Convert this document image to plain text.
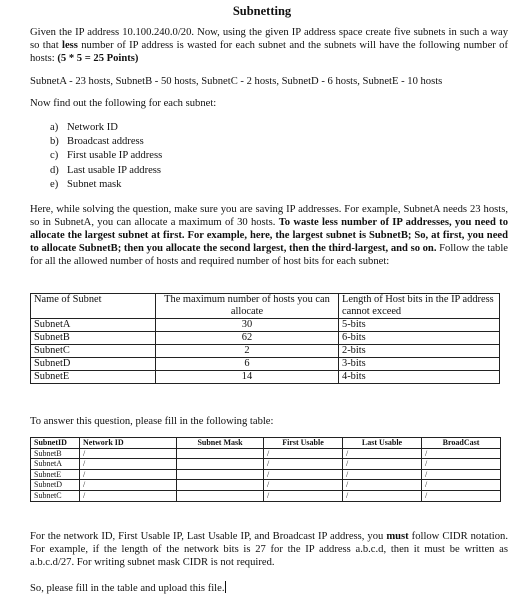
Subnetting
Given the IP address 10.100.240.0/20. Now, using the given IP address space create five subnets in such a way so that less number of IP address is wasted for each subnet and the subnets will have the following number of hosts: (5 * 5 = 25 Points)
SubnetA - 23 hosts, SubnetB - 50 hosts, SubnetC - 2 hosts, SubnetD - 6 hosts, SubnetE - 10 hosts
Now find out the following for each subnet:
a) Network ID
b) Broadcast address
c) First usable IP address
d) Last usable IP address
e) Subnet mask
Here, while solving the question, make sure you are saving IP addresses. For example, SubnetA needs 23 hosts, so in SubnetA, you can allocate a maximum of 30 hosts. To waste less number of IP addresses, you need to allocate the largest subnet at first. For example, here, the largest subnet is SubnetB; So, at first, you need to allocate SubnetB; then you allocate the second largest, then the third-largest, and so on. Follow the table for all the allowed number of hosts and required number of host bits for each subnet:
Name of Subnet	The maximum number of hosts you can allocate	Length of Host bits in the IP address cannot exceed
SubnetA	30	5-bits
SubnetB	62	6-bits
SubnetC	2	2-bits
SubnetD	6	3-bits
SubnetE	14	4-bits
To answer this question, please fill in the following table:
SubnetID	Network ID	Subnet Mask	First Usable	Last Usable	BroadCast
SubnetB	/		/	/	/
SubnetA	/		/	/	/
SubnetE	/		/	/	/
SubnetD	/		/	/	/
SubnetC	/		/	/	/
For the network ID, First Usable IP, Last Usable IP, and Broadcast IP address, you must follow CIDR notation. For example, if the length of the network bits is 27 for the IP address a.b.c.d, then it must be written as a.b.c.d/27. For writing subnet mask CIDR is not required.
So, please fill in the table and upload this file.
